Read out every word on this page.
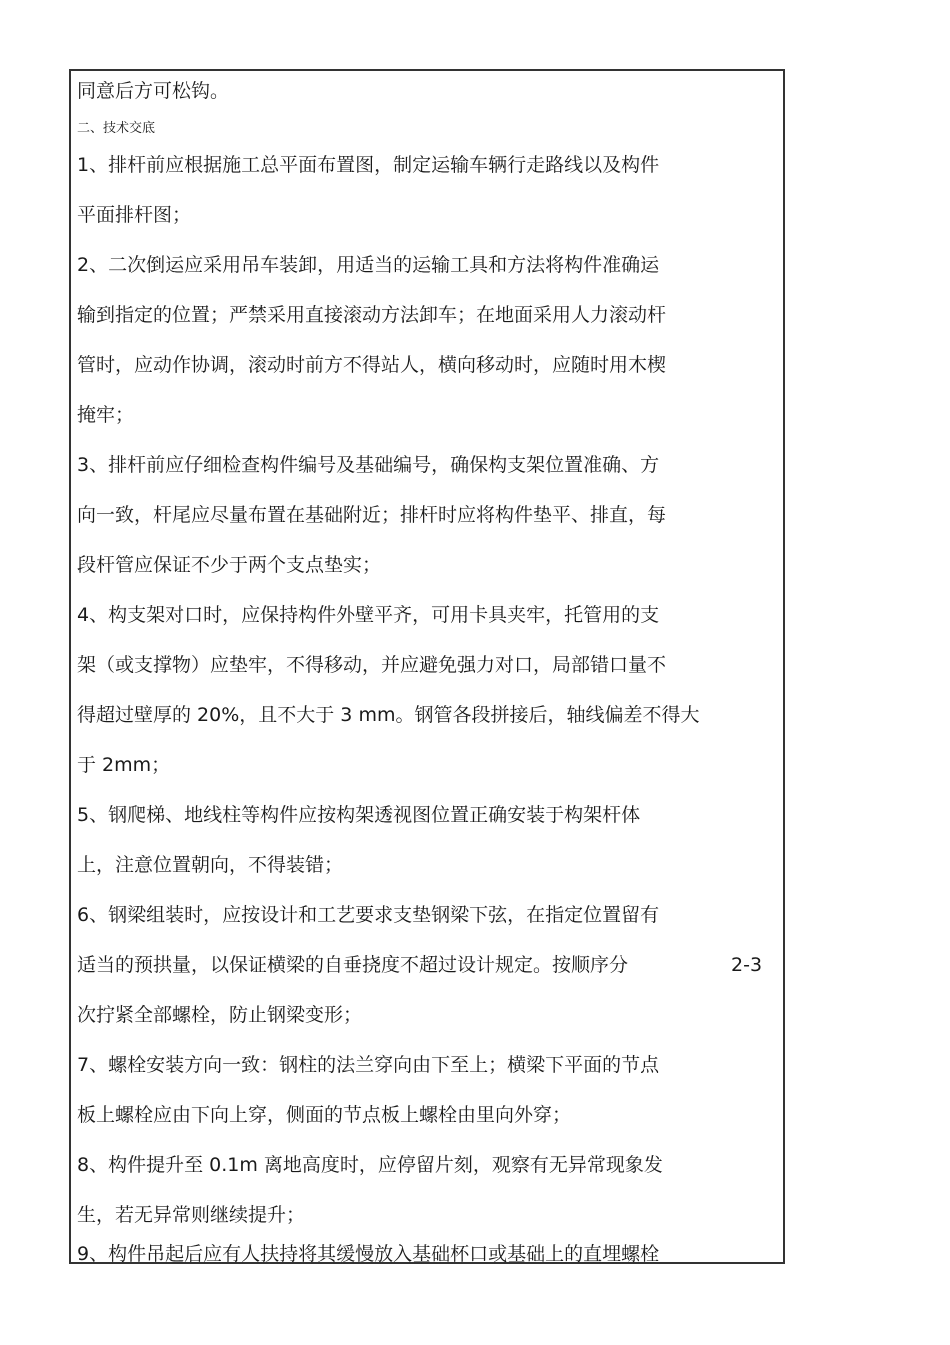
同意后方可松钩。
二、技术交底
1、排杆前应根据施工总平面布置图，制定运输车辆行走路线以及构件
平面排杆图；
2、二次倒运应采用吊车装卸，用适当的运输工具和方法将构件准确运
输到指定的位置；严禁采用直接滚动方法卸车；在地面采用人力滚动杆
管时，应动作协调，滚动时前方不得站人，横向移动时，应随时用木楔
掩牢；
3、排杆前应仔细检查构件编号及基础编号，确保构支架位置准确、方
向一致，杆尾应尽量布置在基础附近；排杆时应将构件垫平、排直，每
段杆管应保证不少于两个支点垫实；
4、构支架对口时，应保持构件外壁平齐，可用卡具夹牢，托管用的支
架（或支撑物）应垫牢，不得移动，并应避免强力对口，局部错口量不
得超过壁厚的 20%，且不大于 3 mm。钢管各段拼接后，轴线偏差不得大
于 2mm；
5、钢爬梯、地线柱等构件应按构架透视图位置正确安装于构架杆体
上，注意位置朝向，不得装错；
6、钢梁组装时，应按设计和工艺要求支垫钢梁下弦，在指定位置留有
适当的预拱量，以保证横梁的自垂挠度不超过设计规定。按顺序分	2-3
次拧紧全部螺栓，防止钢梁变形；
7、螺栓安装方向一致：钢柱的法兰穿向由下至上；横梁下平面的节点
板上螺栓应由下向上穿，侧面的节点板上螺栓由里向外穿；
8、构件提升至 0.1m 离地高度时，应停留片刻，观察有无异常现象发
生，若无异常则继续提升；
9、构件吊起后应有人扶持将其缓慢放入基础杯口或基础上的直埋螺栓
